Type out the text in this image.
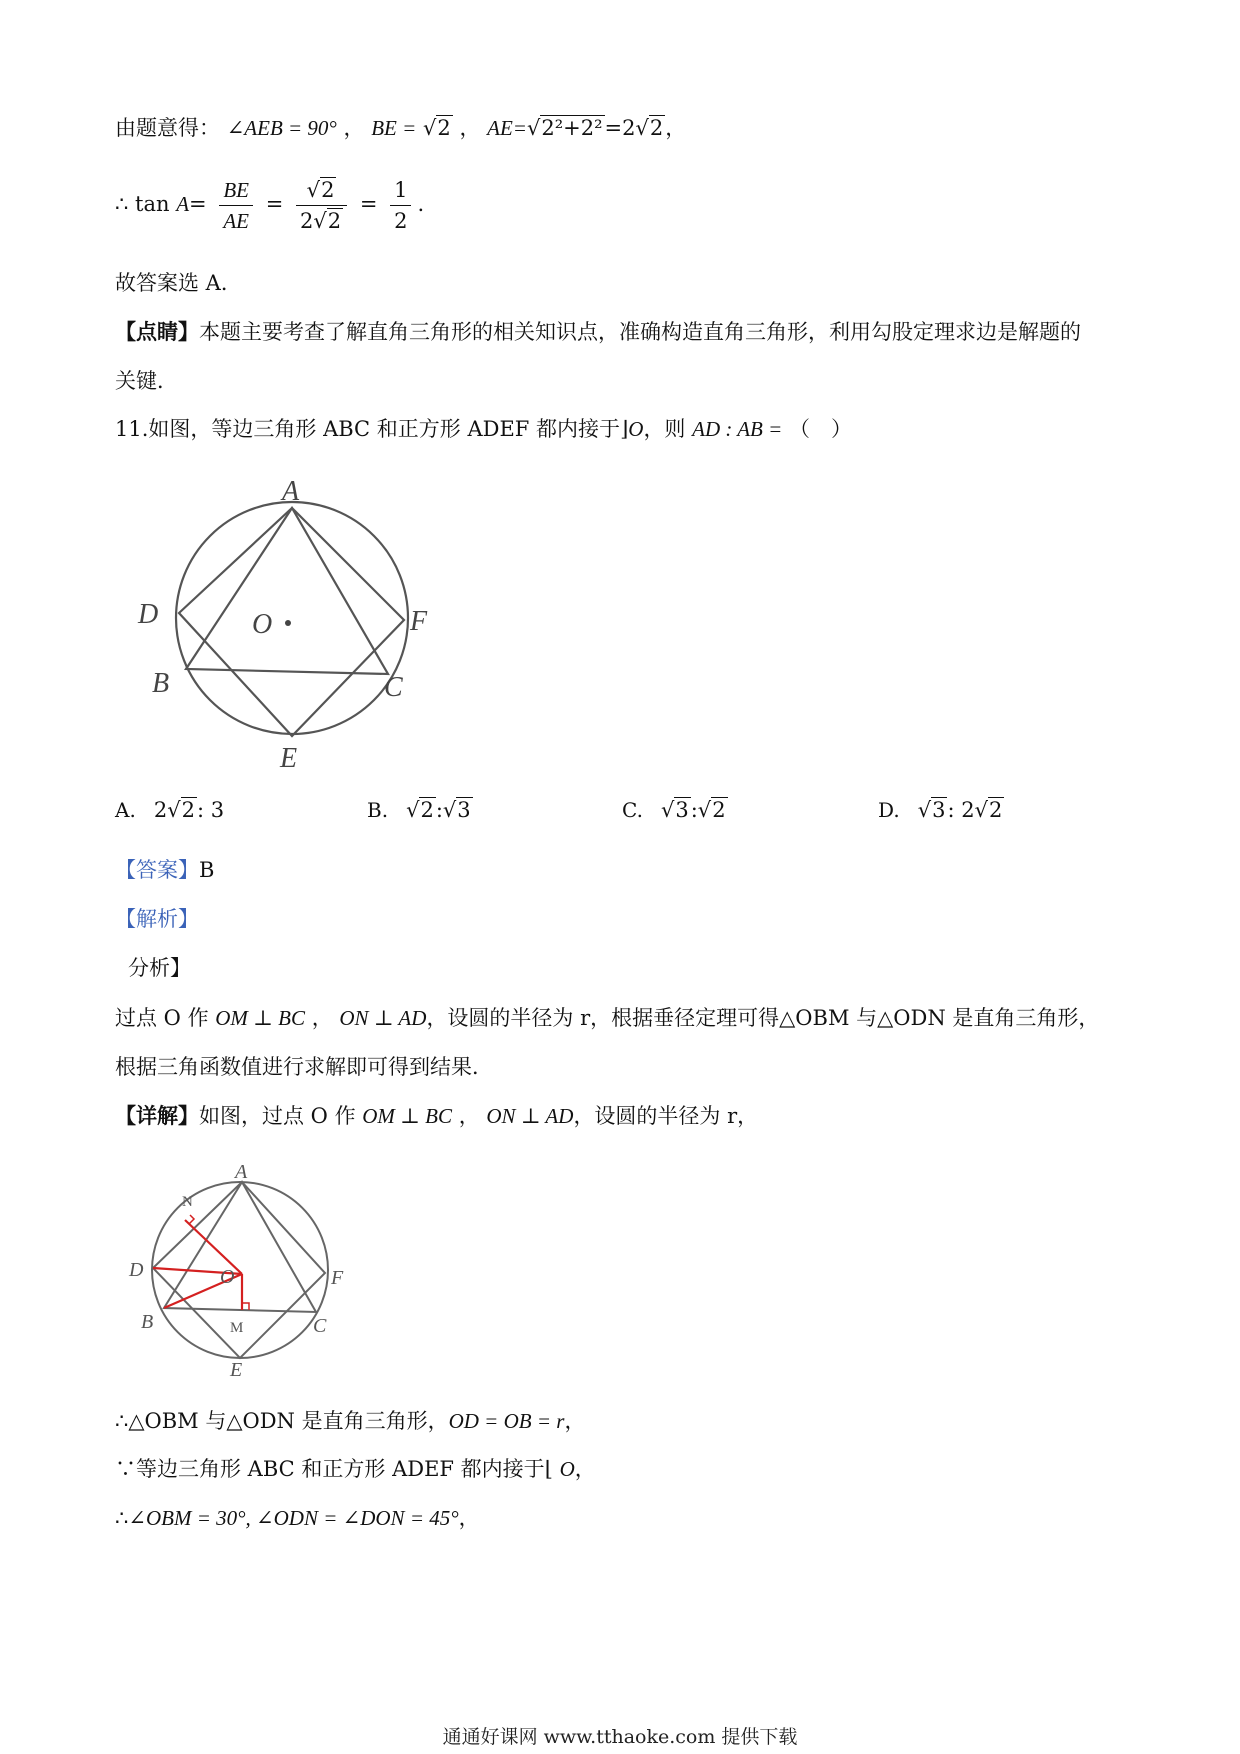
由题意得： ∠AEB = 90° ， BE = √2 ， AE=√2²+2²=2√2，
∴ $\tan A= \frac{BE}{AE} = \frac{√2}{2√2} = \frac{1}{2}$ .
故答案选 A．
【点睛】本题主要考查了解直角三角形的相关知识点，准确构造直角三角形，利用勾股定理求边是解题的
关键．
11.如图，等边三角形 ABC 和正方形 ADEF 都内接于⌋O，则 AD : AB = （　）
A
D	O	F
B	C
E
A. 2√2: 3	B. √2:√3	C. √3:√2	D. √3: 2√2
【答案】B
【解析】
分析】
过点 O 作 OM ⊥ BC ， ON ⊥ AD，设圆的半径为 r，根据垂径定理可得△OBM 与△ODN 是直角三角形，
根据三角函数值进行求解即可得到结果．
【详解】如图，过点 O 作 OM ⊥ BC ， ON ⊥ AD，设圆的半径为 r，
A
N
D	O	F
B	M	C
E
∴△OBM 与△ODN 是直角三角形，OD = OB = r，
∵等边三角形 ABC 和正方形 ADEF 都内接于⌊ O，
∴∠OBM = 30°, ∠ODN = ∠DON = 45°，
通通好课网 www.tthaoke.com 提供下载
